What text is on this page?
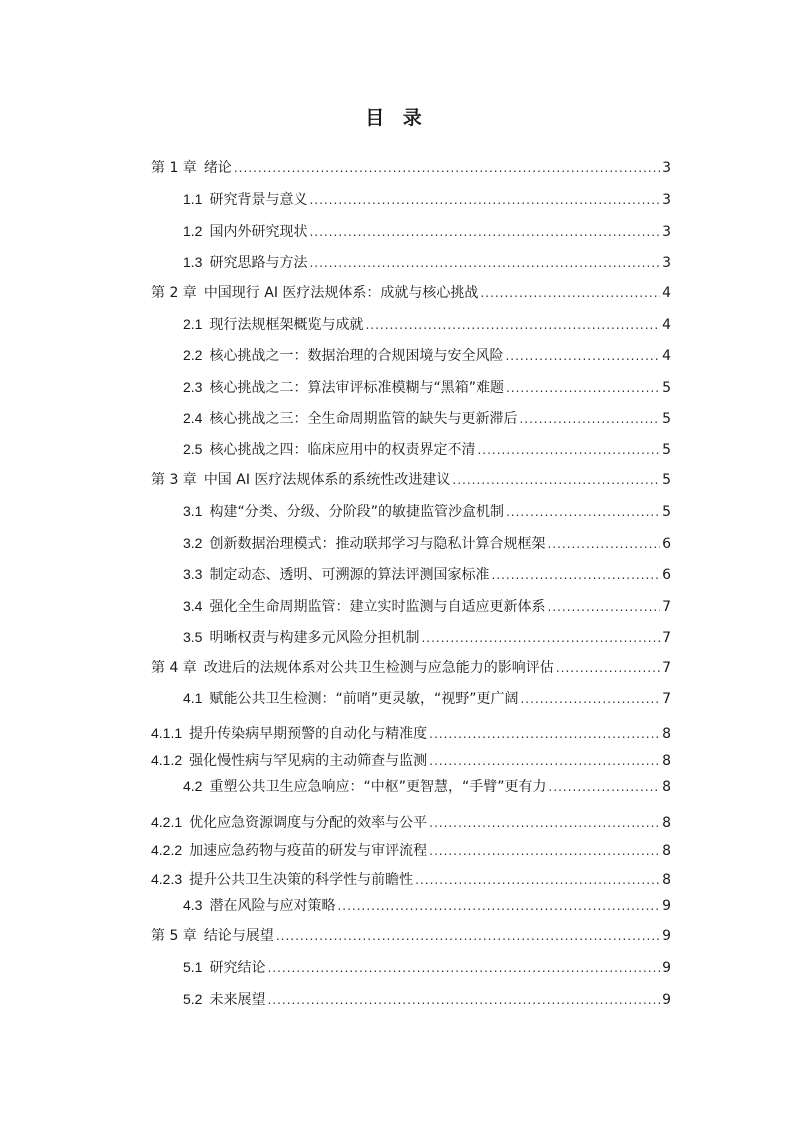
目 录
第 1 章 绪论 .....	3
1.1 研究背景与意义 .....	3
1.2 国内外研究现状 .....	3
1.3 研究思路与方法 .....	3
第 2 章 中国现行 AI 医疗法规体系：成就与核心挑战 .....	4
2.1 现行法规框架概览与成就 .....	4
2.2 核心挑战之一：数据治理的合规困境与安全风险 .....	4
2.3 核心挑战之二：算法审评标准模糊与“黑箱”难题 .....	5
2.4 核心挑战之三：全生命周期监管的缺失与更新滞后 .....	5
2.5 核心挑战之四：临床应用中的权责界定不清 .....	5
第 3 章 中国 AI 医疗法规体系的系统性改进建议 .....	5
3.1 构建“分类、分级、分阶段”的敏捷监管沙盒机制 .....	5
3.2 创新数据治理模式：推动联邦学习与隐私计算合规框架 .....	6
3.3 制定动态、透明、可溯源的算法评测国家标准 .....	6
3.4 强化全生命周期监管：建立实时监测与自适应更新体系 .....	7
3.5 明晰权责与构建多元风险分担机制 .....	7
第 4 章 改进后的法规体系对公共卫生检测与应急能力的影响评估 .....	7
4.1 赋能公共卫生检测：“前哨”更灵敏，“视野”更广阔 .....	7
4.1.1 提升传染病早期预警的自动化与精准度 .....	8
4.1.2 强化慢性病与罕见病的主动筛查与监测 .....	8
4.2 重塑公共卫生应急响应：“中枢”更智慧，“手臂”更有力 .....	8
4.2.1 优化应急资源调度与分配的效率与公平 .....	8
4.2.2 加速应急药物与疫苗的研发与审评流程 .....	8
4.2.3 提升公共卫生决策的科学性与前瞻性 .....	8
4.3 潜在风险与应对策略 .....	9
第 5 章 结论与展望 .....	9
5.1 研究结论 .....	9
5.2 未来展望 .....	9
